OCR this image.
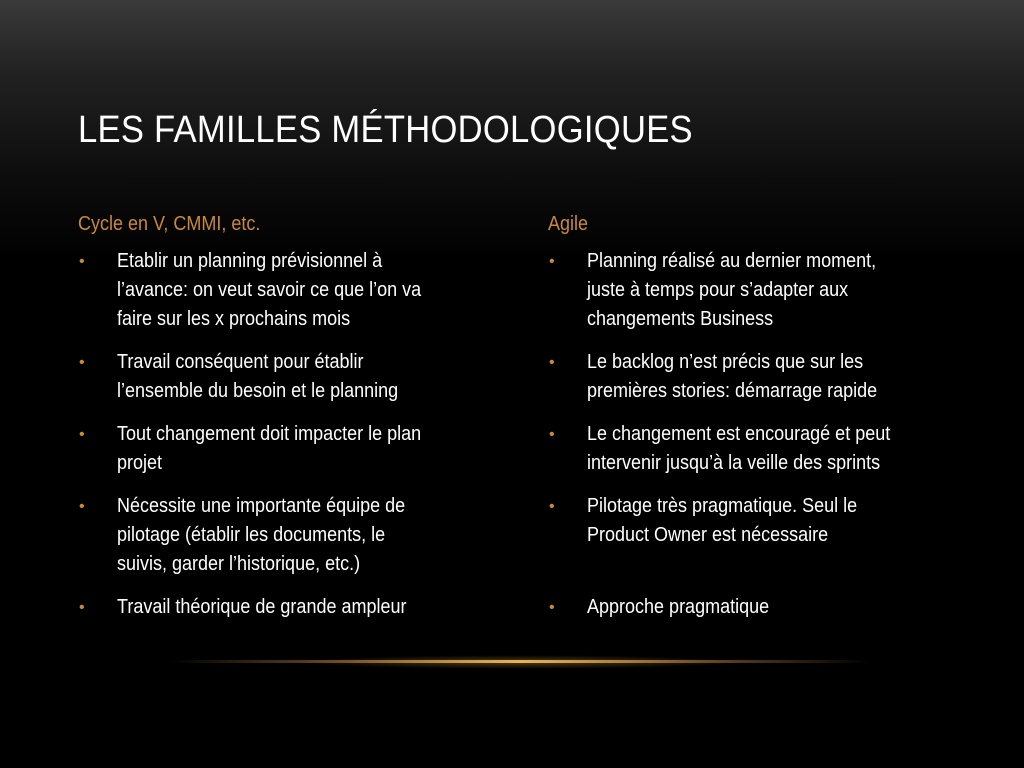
LES FAMILLES MÉTHODOLOGIQUES
Cycle en V, CMMI, etc.
• Etablir un planning prévisionnel à
l’avance: on veut savoir ce que l’on va
faire sur les x prochains mois
• Travail conséquent pour établir
l’ensemble du besoin et le planning
• Tout changement doit impacter le plan
projet
• Nécessite une importante équipe de
pilotage (établir les documents, le
suivis, garder l’historique, etc.)
• Travail théorique de grande ampleur
Agile
• Planning réalisé au dernier moment,
juste à temps pour s’adapter aux
changements Business
• Le backlog n’est précis que sur les
premières stories: démarrage rapide
• Le changement est encouragé et peut
intervenir jusqu’à la veille des sprints
• Pilotage très pragmatique. Seul le
Product Owner est nécessaire
• Approche pragmatique
